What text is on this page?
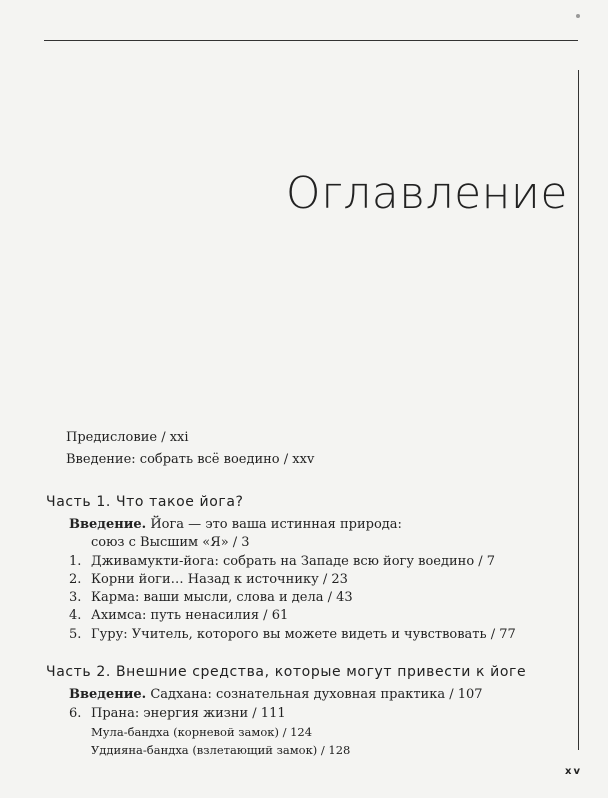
Оглавление
Предисловие / xxi
Введение: собрать всё воедино / xxv
Часть 1. Что такое йога?
Введение. Йога — это ваша истинная природа:
союз с Высшим «Я» / 3
1. Дживамукти-йога: собрать на Западе всю йогу воедино / 7
2. Корни йоги… Назад к источнику / 23
3. Карма: ваши мысли, слова и дела / 43
4. Ахимса: путь ненасилия / 61
5. Гуру: Учитель, которого вы можете видеть и чувствовать / 77
Часть 2. Внешние средства, которые могут привести к йоге
Введение. Садхана: сознательная духовная практика / 107
6. Прана: энергия жизни / 111
Мула-бандха (корневой замок) / 124
Уддияна-бандха (взлетающий замок) / 128
xv
